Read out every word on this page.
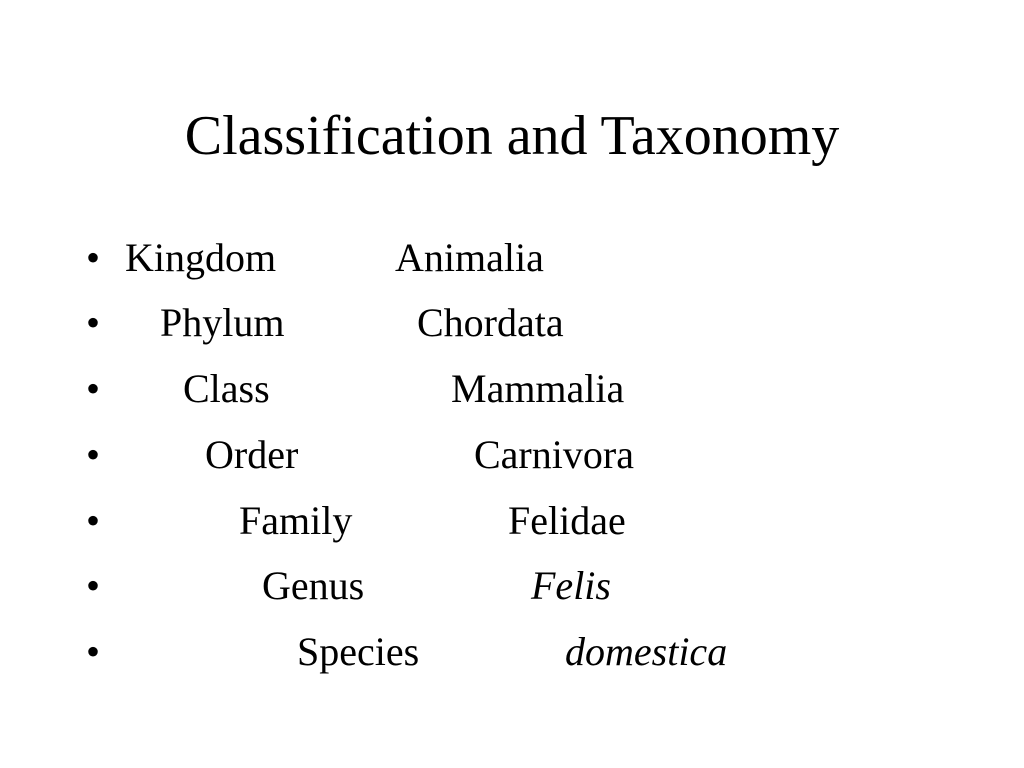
Classification and Taxonomy
• Kingdom	Animalia
• Phylum	Chordata
• Class	Mammalia
•	Order	Carnivora
•	Family	Felidae
•	Genus	Felis
•	Species	domestica
